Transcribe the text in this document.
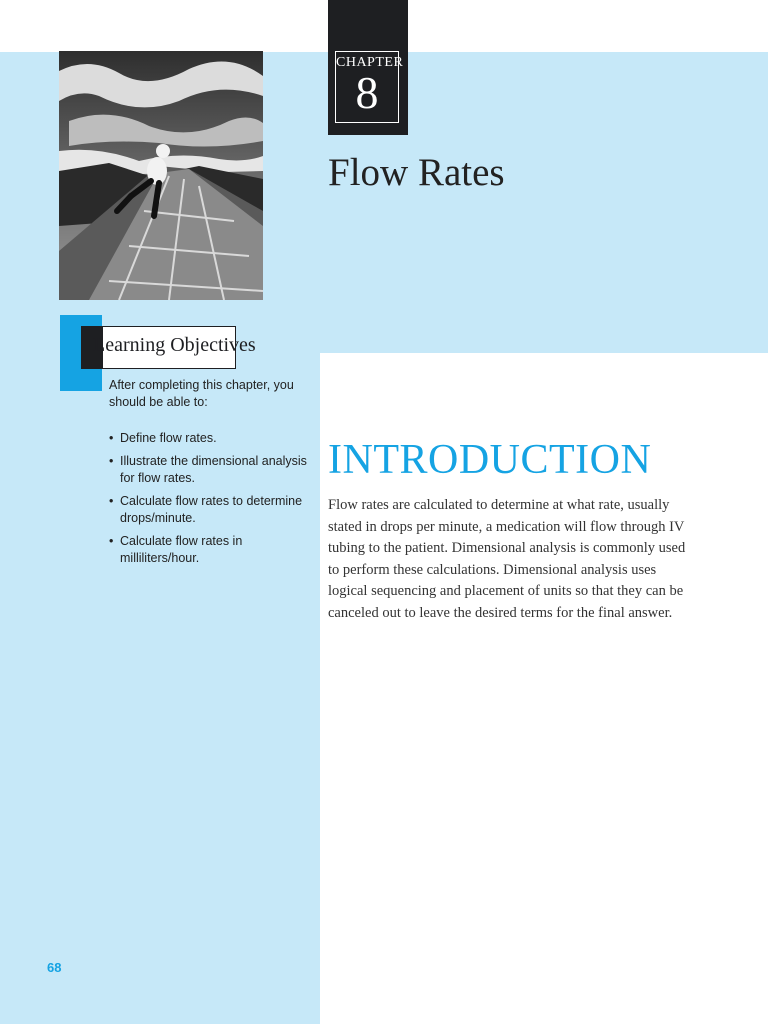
CHAPTER
8
Flow Rates
Learning Objectives
After completing this chapter, you should be able to:
• Define flow rates.
• Illustrate the dimensional analysis for flow rates.
• Calculate flow rates to determine drops/minute.
• Calculate flow rates in milliliters/hour.
INTRODUCTION
Flow rates are calculated to determine at what rate, usually stated in drops per minute, a medication will flow through IV tubing to the patient. Dimensional analysis is commonly used to perform these calculations. Dimensional analysis uses logical sequencing and placement of units so that they can be canceled out to leave the desired terms for the final answer.
68
